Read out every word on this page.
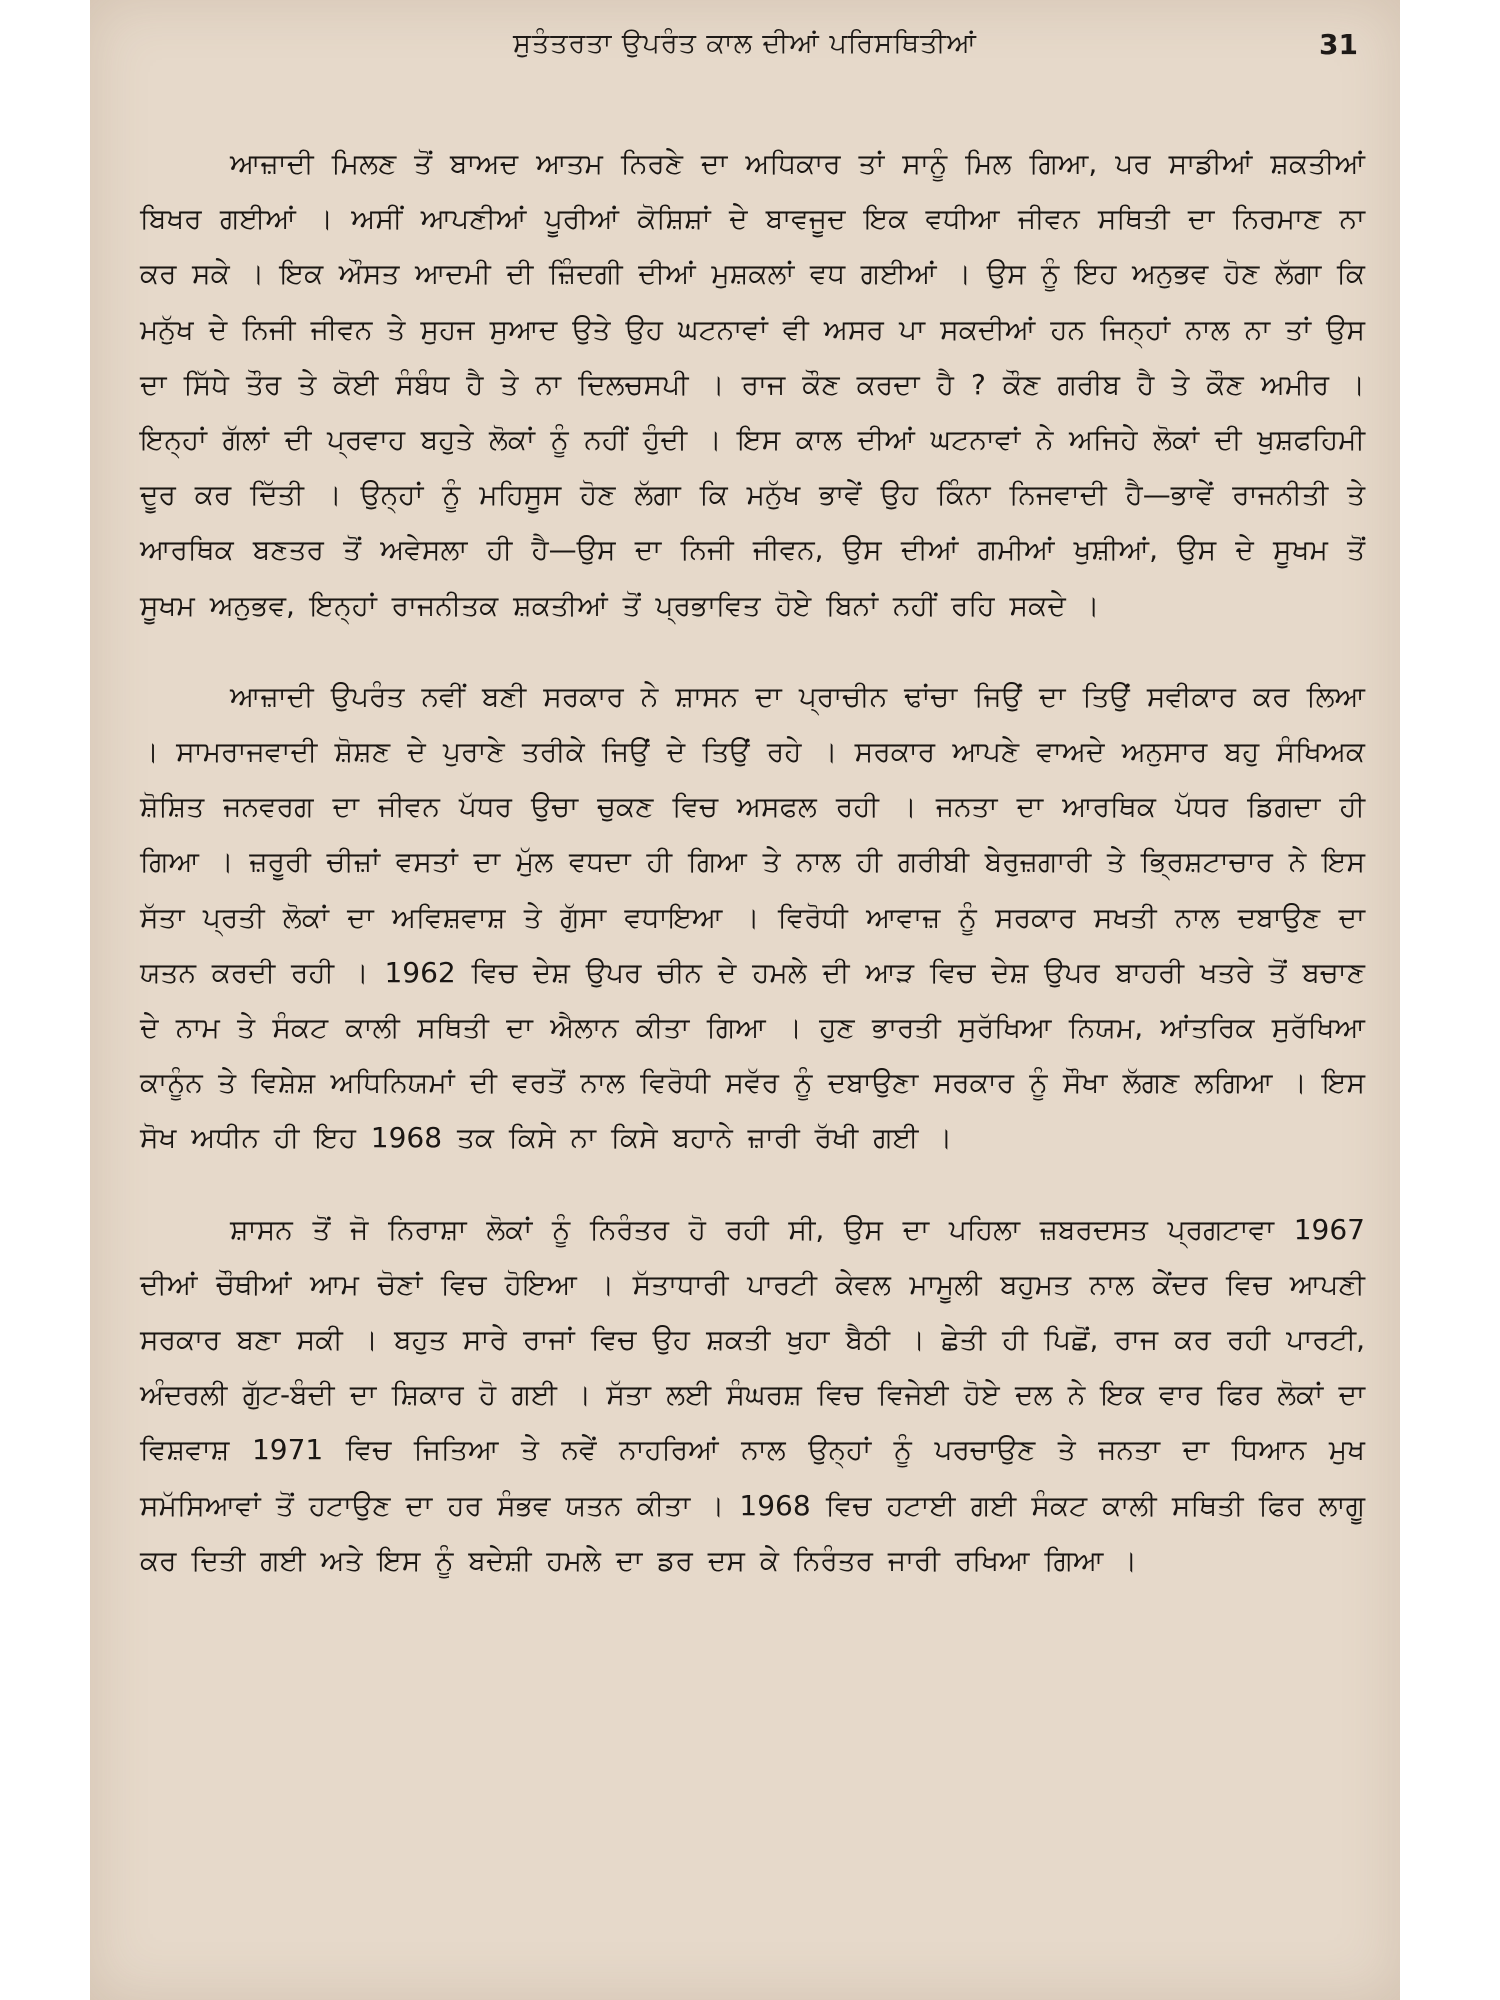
ਸੁਤੰਤਰਤਾ ਉਪਰੰਤ ਕਾਲ ਦੀਆਂ ਪਰਿਸਥਿਤੀਆਂ	31

ਆਜ਼ਾਦੀ ਮਿਲਣ ਤੋਂ ਬਾਅਦ ਆਤਮ ਨਿਰਣੇ ਦਾ ਅਧਿਕਾਰ ਤਾਂ ਸਾਨੂੰ ਮਿਲ ਗਿਆ, ਪਰ ਸਾਡੀਆਂ ਸ਼ਕਤੀਆਂ ਬਿਖਰ ਗਈਆਂ । ਅਸੀਂ ਆਪਣੀਆਂ ਪੂਰੀਆਂ ਕੋਸ਼ਿਸ਼ਾਂ ਦੇ ਬਾਵਜੂਦ ਇਕ ਵਧੀਆ ਜੀਵਨ ਸਥਿਤੀ ਦਾ ਨਿਰਮਾਣ ਨਾ ਕਰ ਸਕੇ । ਇਕ ਔਸਤ ਆਦਮੀ ਦੀ ਜ਼ਿੰਦਗੀ ਦੀਆਂ ਮੁਸ਼ਕਲਾਂ ਵਧ ਗਈਆਂ । ਉਸ ਨੂੰ ਇਹ ਅਨੁਭਵ ਹੋਣ ਲੱਗਾ ਕਿ ਮਨੁੱਖ ਦੇ ਨਿਜੀ ਜੀਵਨ ਤੇ ਸੁਹਜ ਸੁਆਦ ਉਤੇ ਉਹ ਘਟਨਾਵਾਂ ਵੀ ਅਸਰ ਪਾ ਸਕਦੀਆਂ ਹਨ ਜਿਨ੍ਹਾਂ ਨਾਲ ਨਾ ਤਾਂ ਉਸ ਦਾ ਸਿੱਧੇ ਤੌਰ ਤੇ ਕੋਈ ਸੰਬੰਧ ਹੈ ਤੇ ਨਾ ਦਿਲਚਸਪੀ । ਰਾਜ ਕੌਣ ਕਰਦਾ ਹੈ ? ਕੌਣ ਗਰੀਬ ਹੈ ਤੇ ਕੌਣ ਅਮੀਰ । ਇਨ੍ਹਾਂ ਗੱਲਾਂ ਦੀ ਪ੍ਰਵਾਹ ਬਹੁਤੇ ਲੋਕਾਂ ਨੂੰ ਨਹੀਂ ਹੁੰਦੀ । ਇਸ ਕਾਲ ਦੀਆਂ ਘਟਨਾਵਾਂ ਨੇ ਅਜਿਹੇ ਲੋਕਾਂ ਦੀ ਖੁਸ਼ਫਹਿਮੀ ਦੂਰ ਕਰ ਦਿੱਤੀ । ਉਨ੍ਹਾਂ ਨੂੰ ਮਹਿਸੂਸ ਹੋਣ ਲੱਗਾ ਕਿ ਮਨੁੱਖ ਭਾਵੇਂ ਉਹ ਕਿੰਨਾ ਨਿਜਵਾਦੀ ਹੈ—ਭਾਵੇਂ ਰਾਜਨੀਤੀ ਤੇ ਆਰਥਿਕ ਬਣਤਰ ਤੋਂ ਅਵੇਸਲਾ ਹੀ ਹੈ—ਉਸ ਦਾ ਨਿਜੀ ਜੀਵਨ, ਉਸ ਦੀਆਂ ਗਮੀਆਂ ਖੁਸ਼ੀਆਂ, ਉਸ ਦੇ ਸੂਖਮ ਤੋਂ ਸੂਖਮ ਅਨੁਭਵ, ਇਨ੍ਹਾਂ ਰਾਜਨੀਤਕ ਸ਼ਕਤੀਆਂ ਤੋਂ ਪ੍ਰਭਾਵਿਤ ਹੋਏ ਬਿਨਾਂ ਨਹੀਂ ਰਹਿ ਸਕਦੇ ।

ਆਜ਼ਾਦੀ ਉਪਰੰਤ ਨਵੀਂ ਬਣੀ ਸਰਕਾਰ ਨੇ ਸ਼ਾਸਨ ਦਾ ਪ੍ਰਾਚੀਨ ਢਾਂਚਾ ਜਿਉਂ ਦਾ ਤਿਉਂ ਸਵੀਕਾਰ ਕਰ ਲਿਆ । ਸਾਮਰਾਜਵਾਦੀ ਸ਼ੋਸ਼ਣ ਦੇ ਪੁਰਾਣੇ ਤਰੀਕੇ ਜਿਉਂ ਦੇ ਤਿਉਂ ਰਹੇ । ਸਰਕਾਰ ਆਪਣੇ ਵਾਅਦੇ ਅਨੁਸਾਰ ਬਹੁ ਸੰਖਿਅਕ ਸ਼ੋਸ਼ਿਤ ਜਨਵਰਗ ਦਾ ਜੀਵਨ ਪੱਧਰ ਉਚਾ ਚੁਕਣ ਵਿਚ ਅਸਫਲ ਰਹੀ । ਜਨਤਾ ਦਾ ਆਰਥਿਕ ਪੱਧਰ ਡਿਗਦਾ ਹੀ ਗਿਆ । ਜ਼ਰੂਰੀ ਚੀਜ਼ਾਂ ਵਸਤਾਂ ਦਾ ਮੁੱਲ ਵਧਦਾ ਹੀ ਗਿਆ ਤੇ ਨਾਲ ਹੀ ਗਰੀਬੀ ਬੇਰੁਜ਼ਗਾਰੀ ਤੇ ਭ੍ਰਿਸ਼ਟਾਚਾਰ ਨੇ ਇਸ ਸੱਤਾ ਪ੍ਰਤੀ ਲੋਕਾਂ ਦਾ ਅਵਿਸ਼ਵਾਸ਼ ਤੇ ਗੁੱਸਾ ਵਧਾਇਆ । ਵਿਰੋਧੀ ਆਵਾਜ਼ ਨੂੰ ਸਰਕਾਰ ਸਖਤੀ ਨਾਲ ਦਬਾਉਣ ਦਾ ਯਤਨ ਕਰਦੀ ਰਹੀ । 1962 ਵਿਚ ਦੇਸ਼ ਉਪਰ ਚੀਨ ਦੇ ਹਮਲੇ ਦੀ ਆੜ ਵਿਚ ਦੇਸ਼ ਉਪਰ ਬਾਹਰੀ ਖਤਰੇ ਤੋਂ ਬਚਾਣ ਦੇ ਨਾਮ ਤੇ ਸੰਕਟ ਕਾਲੀ ਸਥਿਤੀ ਦਾ ਐਲਾਨ ਕੀਤਾ ਗਿਆ । ਹੁਣ ਭਾਰਤੀ ਸੁਰੱਖਿਆ ਨਿਯਮ, ਆਂਤਰਿਕ ਸੁਰੱਖਿਆ ਕਾਨੂੰਨ ਤੇ ਵਿਸ਼ੇਸ਼ ਅਧਿਨਿਯਮਾਂ ਦੀ ਵਰਤੋਂ ਨਾਲ ਵਿਰੋਧੀ ਸਵੱਰ ਨੂੰ ਦਬਾਉਣਾ ਸਰਕਾਰ ਨੂੰ ਸੌਖਾ ਲੱਗਣ ਲਗਿਆ । ਇਸ ਸੋਖ ਅਧੀਨ ਹੀ ਇਹ 1968 ਤਕ ਕਿਸੇ ਨਾ ਕਿਸੇ ਬਹਾਨੇ ਜ਼ਾਰੀ ਰੱਖੀ ਗਈ ।

ਸ਼ਾਸਨ ਤੋਂ ਜੋ ਨਿਰਾਸ਼ਾ ਲੋਕਾਂ ਨੂੰ ਨਿਰੰਤਰ ਹੋ ਰਹੀ ਸੀ, ਉਸ ਦਾ ਪਹਿਲਾ ਜ਼ਬਰਦਸਤ ਪ੍ਰਗਟਾਵਾ 1967 ਦੀਆਂ ਚੌਥੀਆਂ ਆਮ ਚੋਣਾਂ ਵਿਚ ਹੋਇਆ । ਸੱਤਾਧਾਰੀ ਪਾਰਟੀ ਕੇਵਲ ਮਾਮੂਲੀ ਬਹੁਮਤ ਨਾਲ ਕੇਂਦਰ ਵਿਚ ਆਪਣੀ ਸਰਕਾਰ ਬਣਾ ਸਕੀ । ਬਹੁਤ ਸਾਰੇ ਰਾਜਾਂ ਵਿਚ ਉਹ ਸ਼ਕਤੀ ਖੁਹਾ ਬੈਠੀ । ਛੇਤੀ ਹੀ ਪਿਛੋਂ, ਰਾਜ ਕਰ ਰਹੀ ਪਾਰਟੀ, ਅੰਦਰਲੀ ਗੁੱਟ-ਬੰਦੀ ਦਾ ਸ਼ਿਕਾਰ ਹੋ ਗਈ । ਸੱਤਾ ਲਈ ਸੰਘਰਸ਼ ਵਿਚ ਵਿਜੇਈ ਹੋਏ ਦਲ ਨੇ ਇਕ ਵਾਰ ਫਿਰ ਲੋਕਾਂ ਦਾ ਵਿਸ਼ਵਾਸ਼ 1971 ਵਿਚ ਜਿਤਿਆ ਤੇ ਨਵੇਂ ਨਾਹਰਿਆਂ ਨਾਲ ਉਨ੍ਹਾਂ ਨੂੰ ਪਰਚਾਉਣ ਤੇ ਜਨਤਾ ਦਾ ਧਿਆਨ ਮੁਖ ਸਮੱਸਿਆਵਾਂ ਤੋਂ ਹਟਾਉਣ ਦਾ ਹਰ ਸੰਭਵ ਯਤਨ ਕੀਤਾ । 1968 ਵਿਚ ਹਟਾਈ ਗਈ ਸੰਕਟ ਕਾਲੀ ਸਥਿਤੀ ਫਿਰ ਲਾਗੂ ਕਰ ਦਿਤੀ ਗਈ ਅਤੇ ਇਸ ਨੂੰ ਬਦੇਸ਼ੀ ਹਮਲੇ ਦਾ ਡਰ ਦਸ ਕੇ ਨਿਰੰਤਰ ਜਾਰੀ ਰਖਿਆ ਗਿਆ ।
